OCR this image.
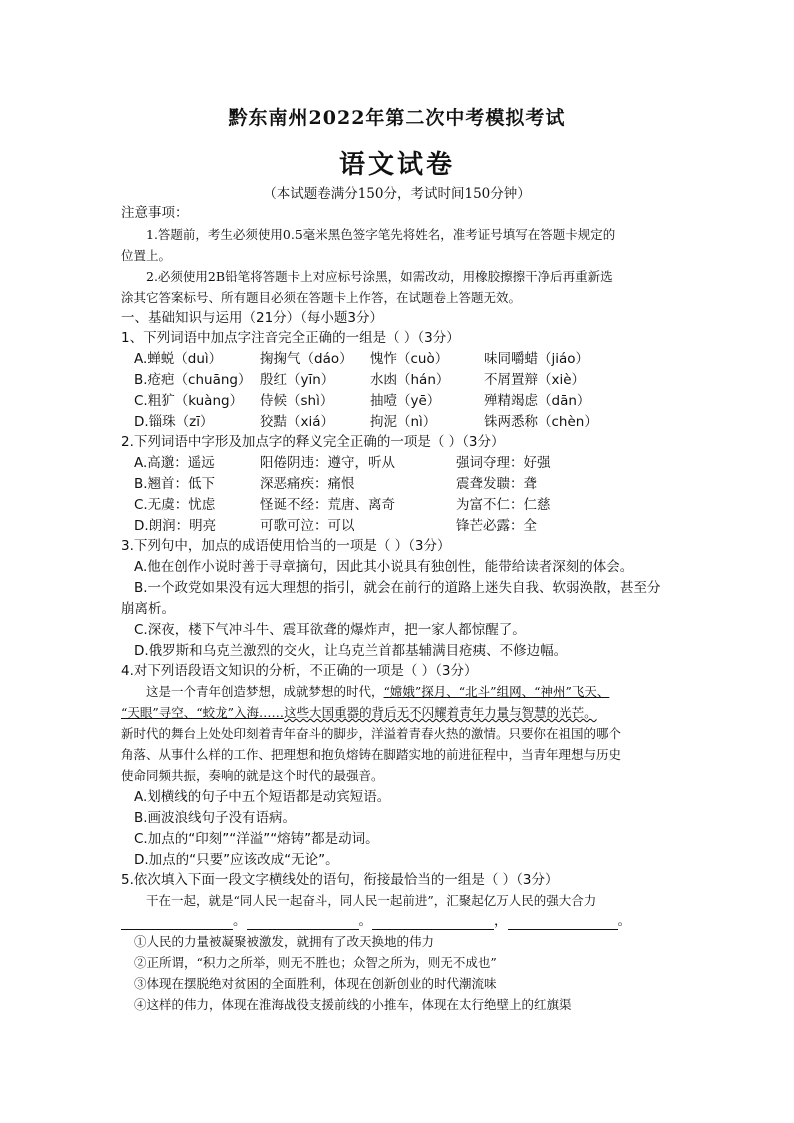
黔东南州2022年第二次中考模拟考试
语文试卷
（本试题卷满分150分，考试时间150分钟）
注意事项：
1.答题前，考生必须使用0.5毫米黑色签字笔先将姓名，准考证号填写在答题卡规定的
位置上。
2.必须使用2B铅笔将答题卡上对应标号涂黑，如需改动，用橡胶擦擦干净后再重新选
涂其它答案标号、所有题目必须在答题卡上作答，在试题卷上答题无效。
一、基础知识与运用（21分）（每小题3分）
1、下列词语中加点字注音完全正确的一组是（ ）（3分）
A.蝉蜕（duì）	掬掬气（dáo） 愧怍（cuò）	味同嚼蜡（jiáo）
B.疮疤（chuāng） 殷红（yīn）	水凼（hán）	不屑置辩（xiè）
C.粗犷（kuàng） 侍候（shì）	抽噎（yē）	殚精竭虑（dān）
D.锱珠（zī）	狡黠（xiá）	拘泥（nì）	铢两悉称（chèn）
2.下列词语中字形及加点字的释义完全正确的一项是（ ）（3分）
A.高邈：遥远	阳倦阴违：遵守，听从	强词夺理：好强
B.翘首：低下	深恶痛疾：痛恨	震聋发聩：聋
C.无虞：忧虑	怪诞不经：荒唐、离奇	为富不仁：仁慈
D.朗润：明亮	可歌可泣：可以	锋芒必露：全
3.下列句中，加点的成语使用恰当的一项是（ ）（3分）
A.他在创作小说时善于寻章摘句，因此其小说具有独创性，能带给读者深刻的体会。
B.一个政党如果没有远大理想的指引，就会在前行的道路上迷失自我、软弱涣散，甚至分
崩离析。
C.深夜，楼下气冲斗牛、震耳欲聋的爆炸声，把一家人都惊醒了。
D.俄罗斯和乌克兰激烈的交火，让乌克兰首都基辅满目疮痍、不修边幅。
4.对下列语段语文知识的分析，不正确的一项是（ ）（3分）
这是一个青年创造梦想，成就梦想的时代，“嫦娥”探月、“北斗”组网、“神州”飞天、
“天眼”寻空、“蛟龙”入海……这些大国重器的背后无不闪耀着青年力量与智慧的光芒。
新时代的舞台上处处印刻着青年奋斗的脚步，洋溢着青春火热的激情。只要你在祖国的哪个
角落、从事什么样的工作、把理想和抱负熔铸在脚踏实地的前进征程中，当青年理想与历史
使命同频共振，奏响的就是这个时代的最强音。
A.划横线的句子中五个短语都是动宾短语。
B.画波浪线句子没有语病。
C.加点的“印刻”“洋溢”“熔铸”都是动词。
D.加点的“只要”应该改成“无论”。
5.依次填入下面一段文字横线处的语句，衔接最恰当的一组是（ ）（3分）
干在一起，就是“同人民一起奋斗，同人民一起前进”，汇聚起亿万人民的强大合力
。	。	，	。
①人民的力量被凝聚被激发，就拥有了改天换地的伟力
②正所谓，“积力之所举，则无不胜也；众智之所为，则无不成也”
③体现在摆脱绝对贫困的全面胜利，体现在创新创业的时代潮流味
④这样的伟力，体现在淮海战役支援前线的小推车，体现在太行绝壁上的红旗渠
